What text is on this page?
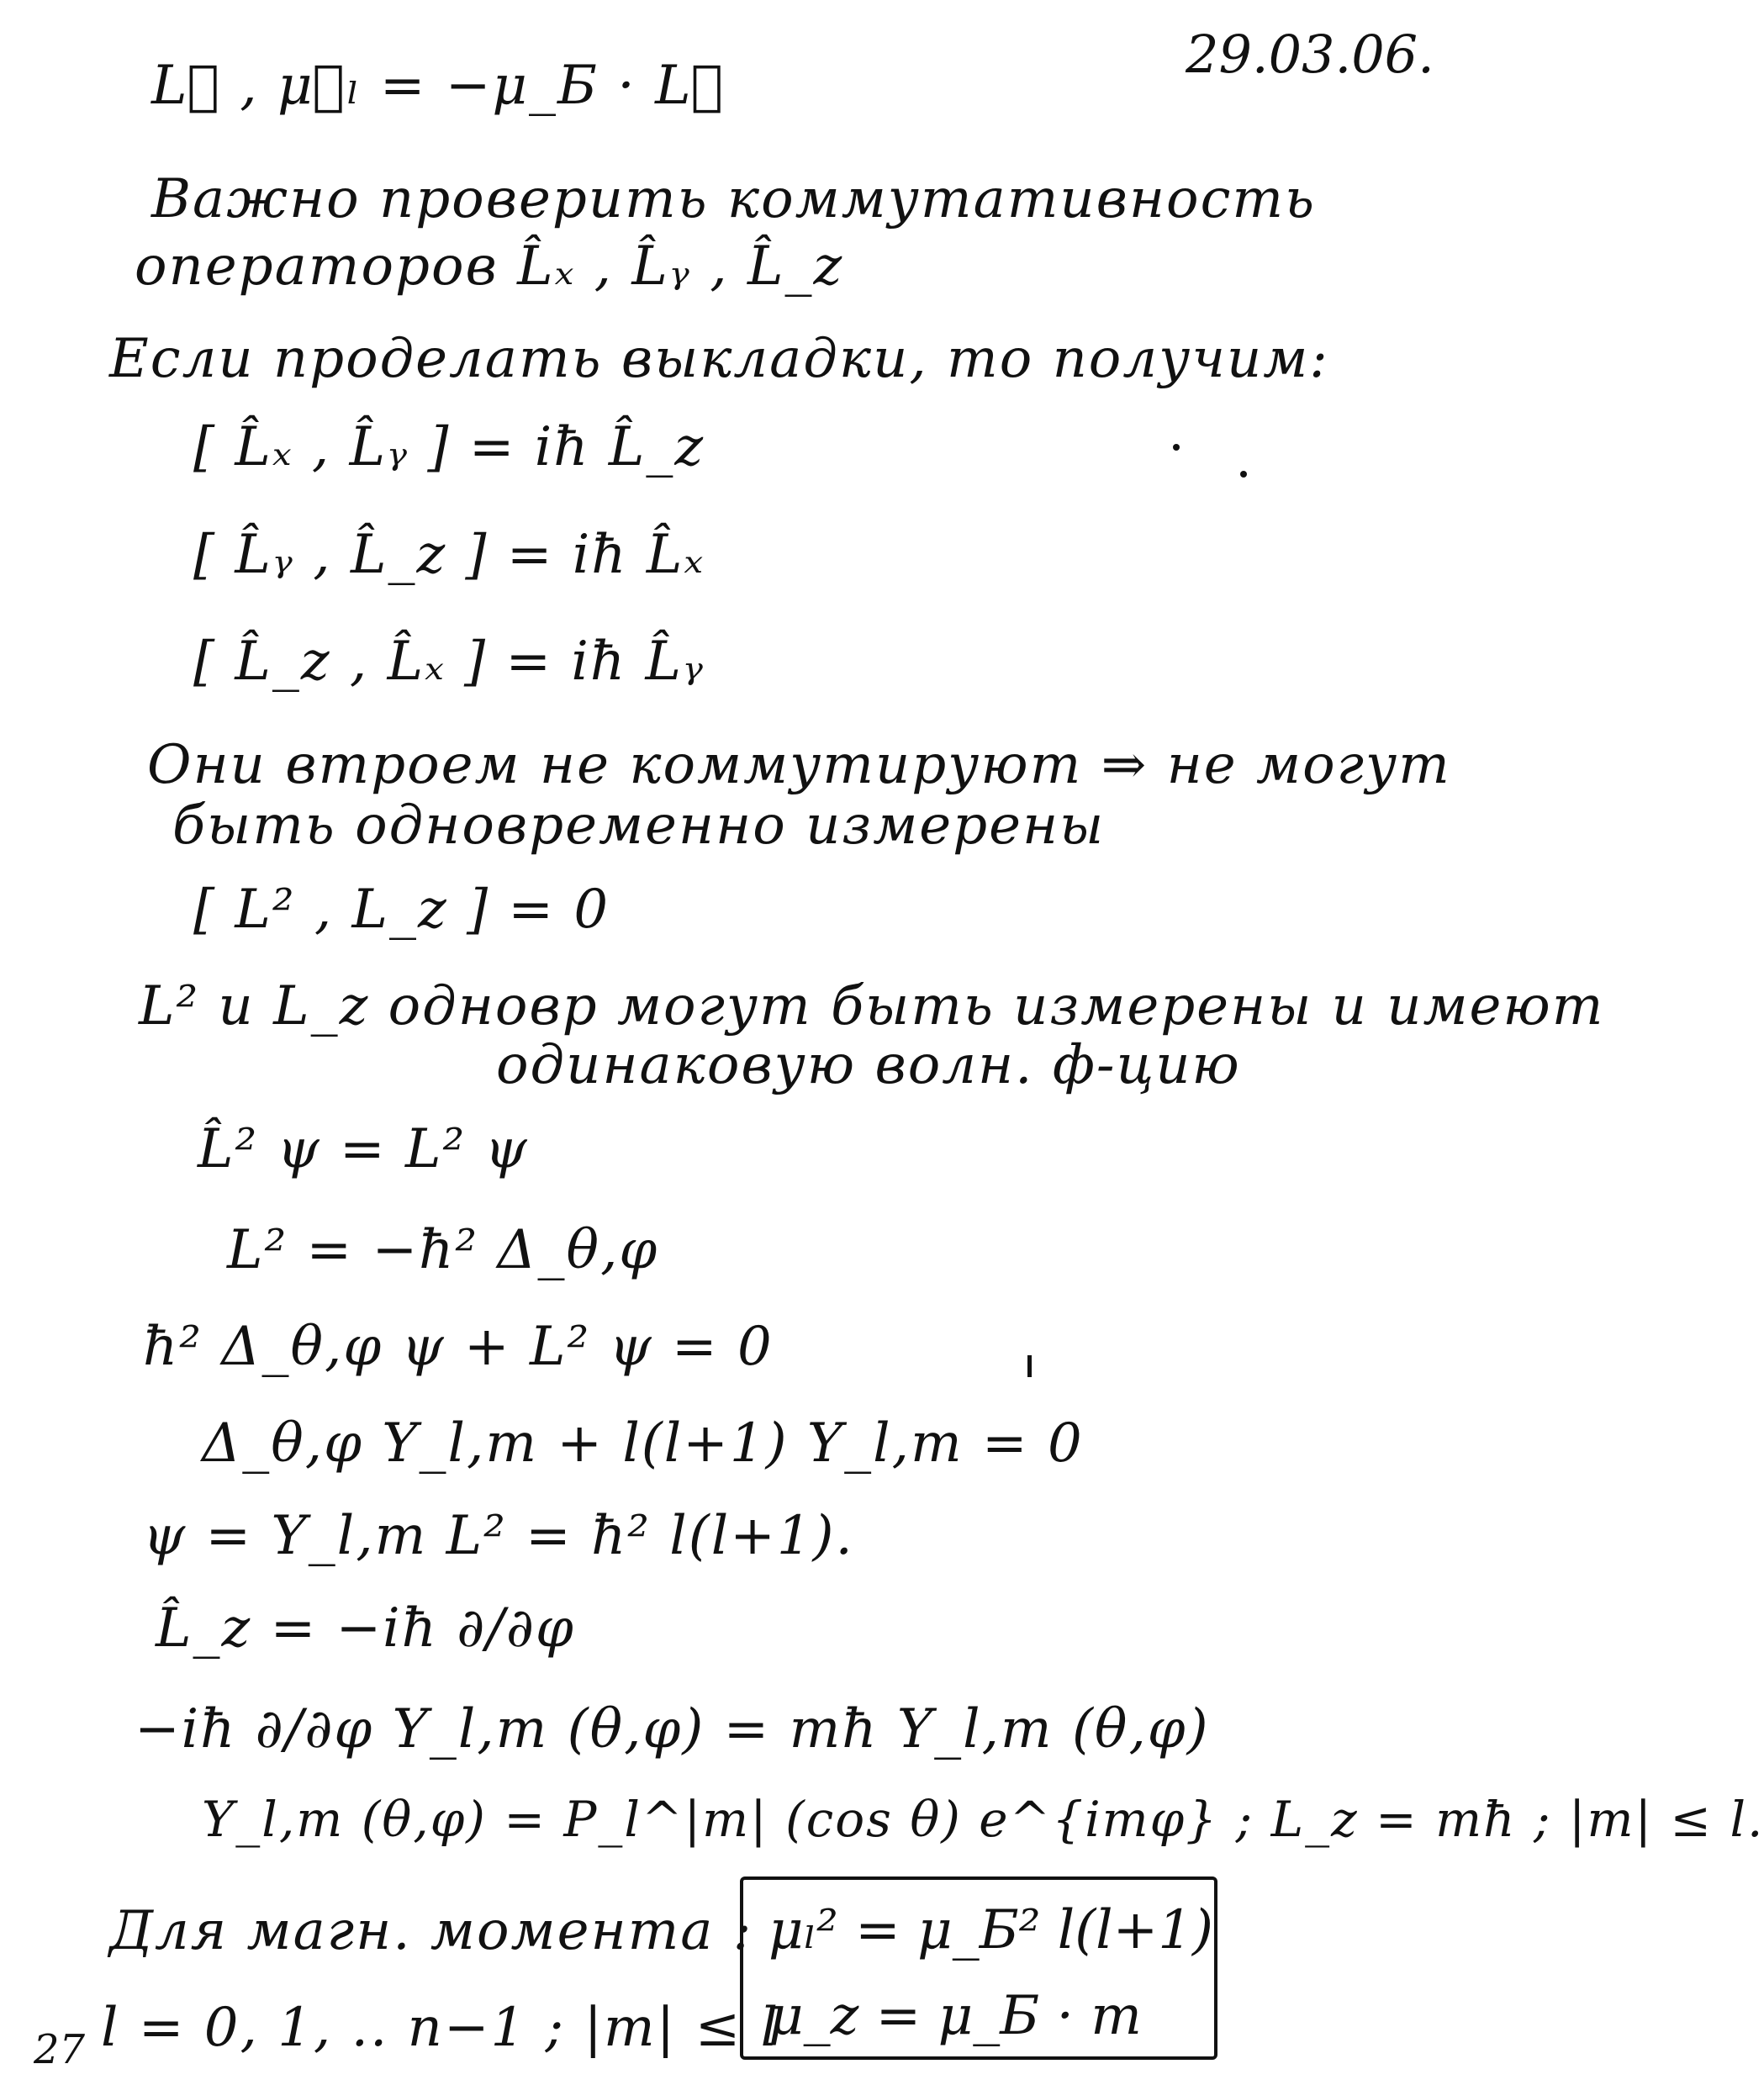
29.03.06.
L⃗ , μ⃗ₗ = −μ_Б · L⃗
Важно проверить коммутативность
операторов L̂ₓ , L̂ᵧ , L̂_z
Если проделать выкладки, то получим:
[ L̂ₓ , L̂ᵧ ] = iħ L̂_z
[ L̂ᵧ , L̂_z ] = iħ L̂ₓ
[ L̂_z , L̂ₓ ] = iħ L̂ᵧ
Они втроем не коммутируют ⇒ не могут
быть одновременно измерены
[ L² , L_z ] = 0
L² и L_z одновр могут быть измерены и имеют
одинаковую волн. ф-цию
L̂² ψ = L² ψ
L² = −ħ² Δ_θ,φ
ħ² Δ_θ,φ ψ + L² ψ = 0
Δ_θ,φ Y_l,m + l(l+1) Y_l,m = 0
ψ = Y_l,m L² = ħ² l(l+1).
L̂_z = −iħ ∂/∂φ
−iħ ∂/∂φ Y_l,m (θ,φ) = mħ Y_l,m (θ,φ)
Y_l,m (θ,φ) = P_l^|m| (cos θ) e^{imφ} ; L_z = mħ ; |m| ≤ l.
Для магн. момента : μₗ² = μ_Б² l(l+1)
μ_z = μ_Б · m
27 l = 0, 1, .. n−1 ; |m| ≤ l
